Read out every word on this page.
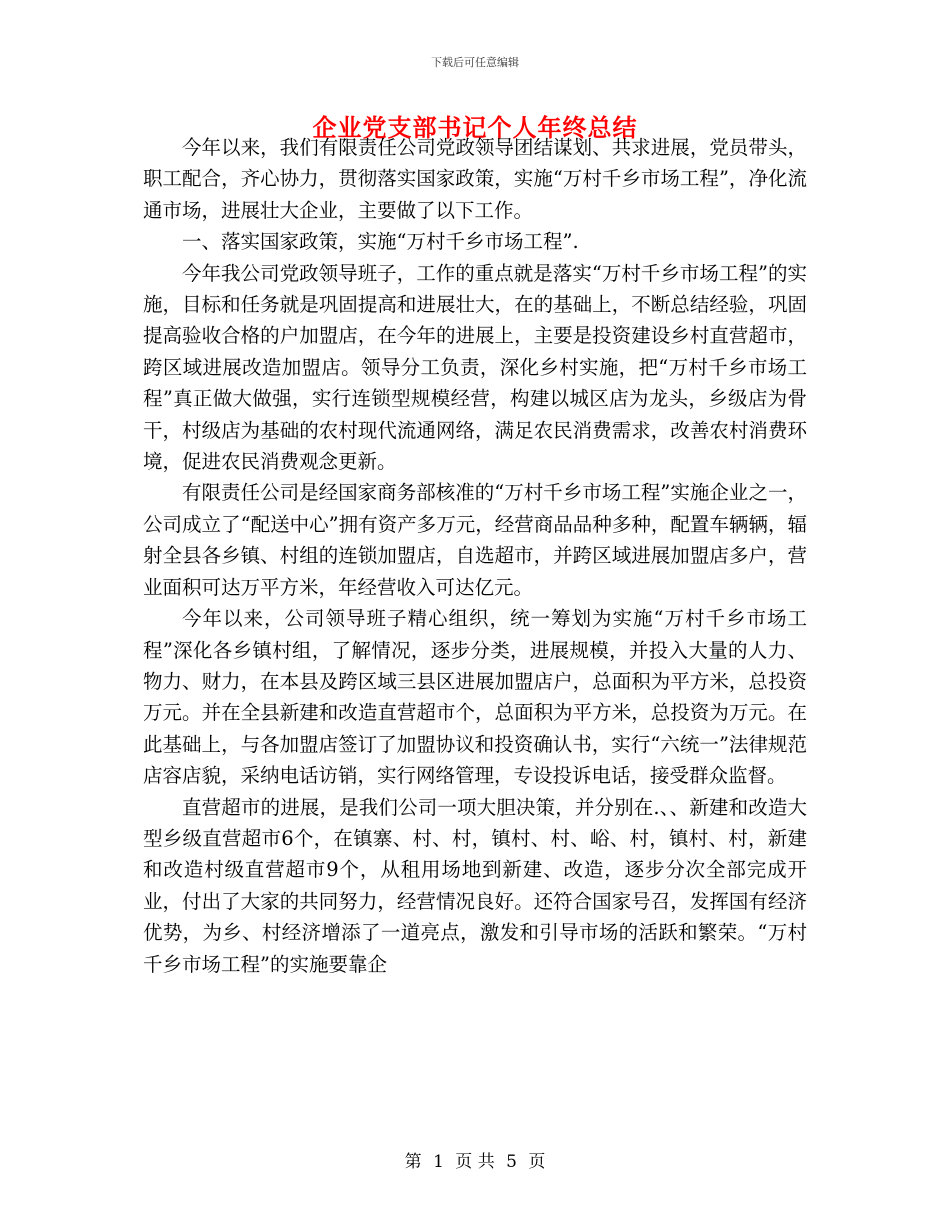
下载后可任意编辑
企业党支部书记个人年终总结

今年以来，我们有限责任公司党政领导团结谋划、共求进展，党员带头，职工配合，齐心协力，贯彻落实国家政策，实施“万村千乡市场工程”，净化流通市场，进展壮大企业，主要做了以下工作。

一、落实国家政策，实施“万村千乡市场工程”.

今年我公司党政领导班子，工作的重点就是落实“万村千乡市场工程”的实施，目标和任务就是巩固提高和进展壮大，在的基础上，不断总结经验，巩固提高验收合格的户加盟店，在今年的进展上，主要是投资建设乡村直营超市，跨区域进展改造加盟店。领导分工负责，深化乡村实施，把“万村千乡市场工程”真正做大做强，实行连锁型规模经营，构建以城区店为龙头，乡级店为骨干，村级店为基础的农村现代流通网络，满足农民消费需求，改善农村消费环境，促进农民消费观念更新。

有限责任公司是经国家商务部核准的“万村千乡市场工程”实施企业之一，公司成立了“配送中心”拥有资产多万元，经营商品品种多种，配置车辆辆，辐射全县各乡镇、村组的连锁加盟店，自选超市，并跨区域进展加盟店多户，营业面积可达万平方米，年经营收入可达亿元。

今年以来，公司领导班子精心组织，统一筹划为实施“万村千乡市场工程”深化各乡镇村组，了解情况，逐步分类，进展规模，并投入大量的人力、物力、财力，在本县及跨区域三县区进展加盟店户，总面积为平方米，总投资万元。并在全县新建和改造直营超市个，总面积为平方米，总投资为万元。在此基础上，与各加盟店签订了加盟协议和投资确认书，实行“六统一”法律规范店容店貌，采纳电话访销，实行网络管理，专设投诉电话，接受群众监督。

直营超市的进展，是我们公司一项大胆决策，并分别在.、、新建和改造大型乡级直营超市6个，在镇寨、村、村，镇村、村、峪、村，镇村、村，新建和改造村级直营超市9个，从租用场地到新建、改造，逐步分次全部完成开业，付出了大家的共同努力，经营情况良好。还符合国家号召，发挥国有经济优势，为乡、村经济增添了一道亮点，激发和引导市场的活跃和繁荣。“万村千乡市场工程”的实施要靠企

第 1 页 共 5 页
